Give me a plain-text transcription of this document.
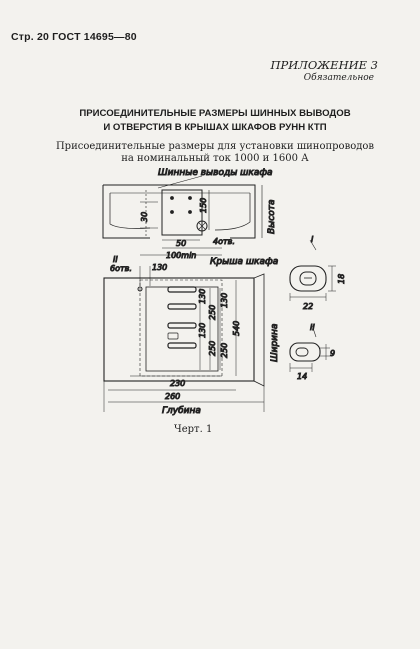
Стр. 20 ГОСТ 14695—80
ПРИЛОЖЕНИЕ 3
Обязательное
ПРИСОЕДИНИТЕЛЬНЫЕ РАЗМЕРЫ ШИННЫХ ВЫВОДОВ
И ОТВЕРСТИЯ В КРЫШАХ ШКАФОВ РУНН КТП
Присоединительные размеры для установки шинопроводов
на номинальный ток 1000 и 1600 А
Шинные выводы шкафа
30
150
50
100min
4отв.
Высота
II
6отв.	130
Крыша шкафа
130
130
250
250
130
250
540	Ширина
230
260
Глубина
I
22
18
II
14
9
Черт. 1
